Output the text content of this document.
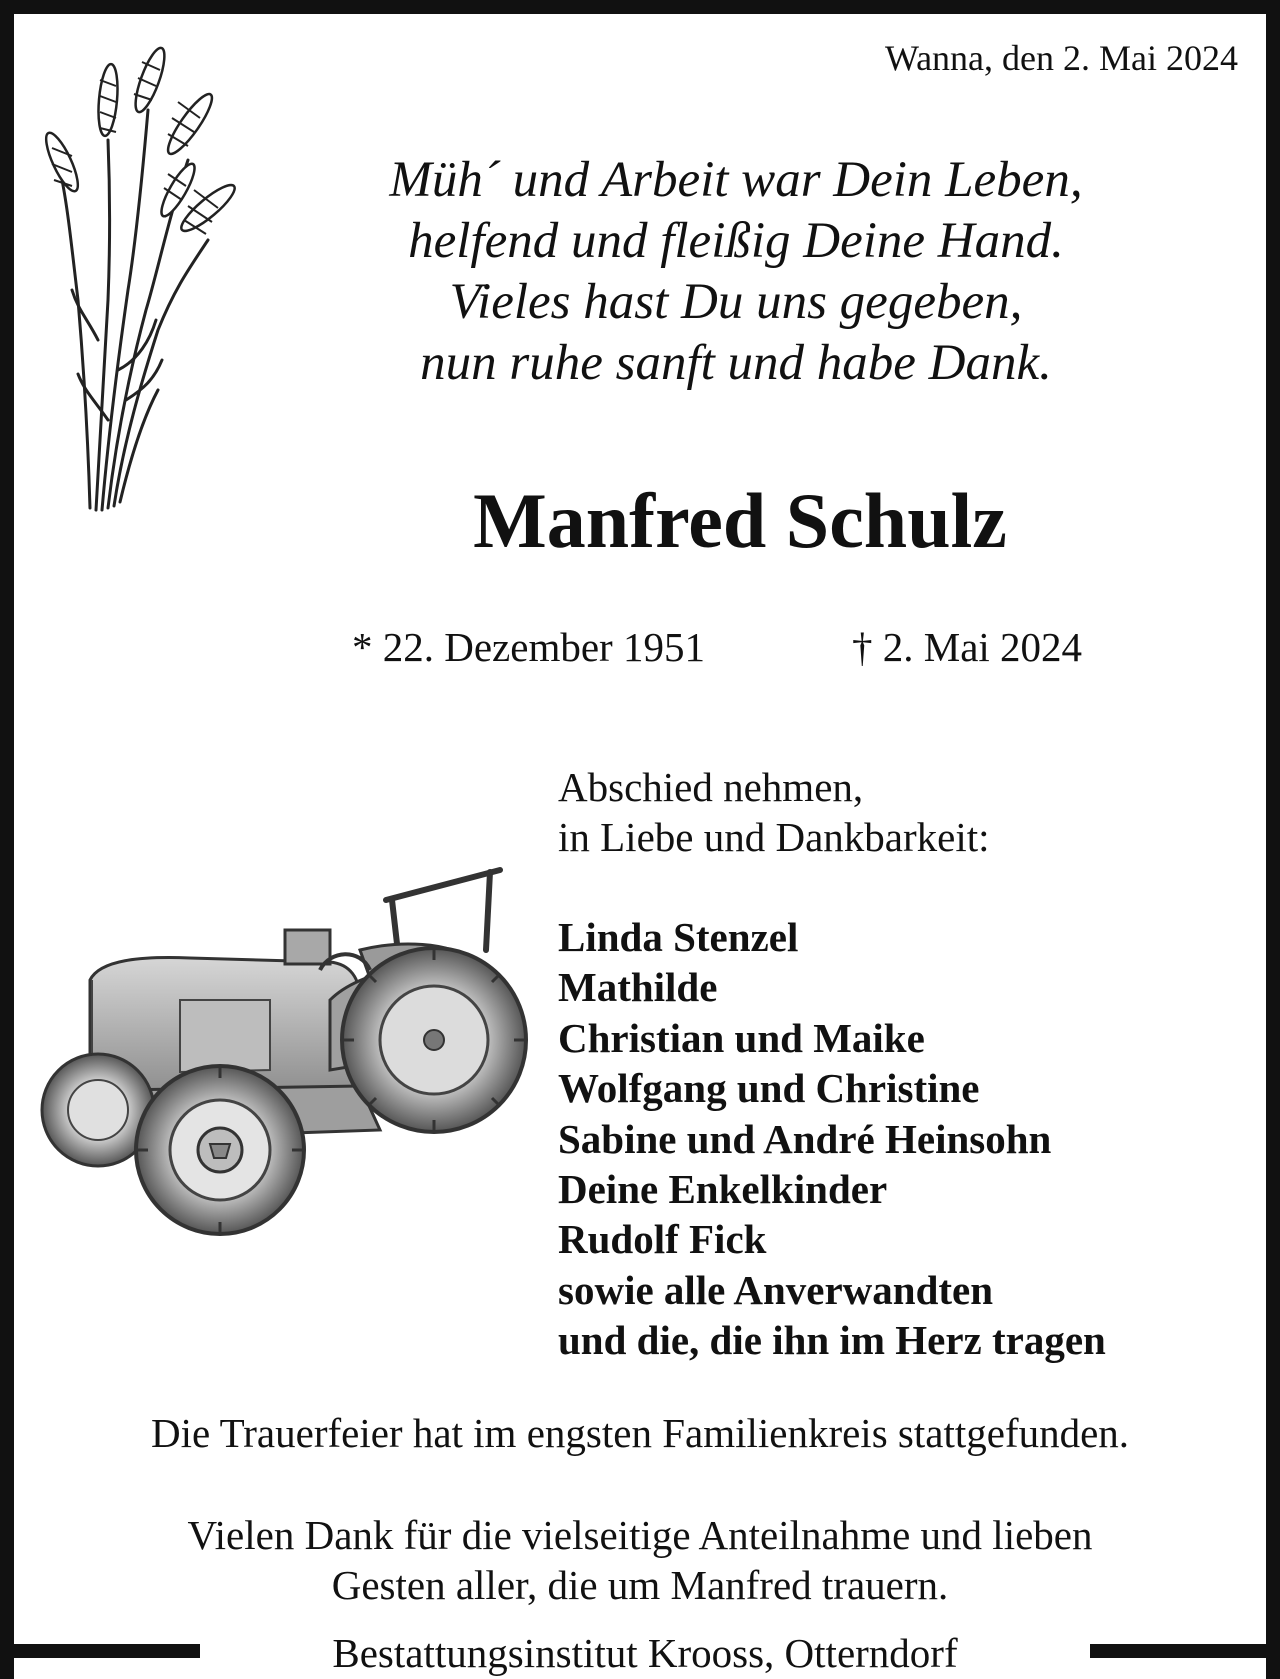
Wanna, den 2. Mai 2024
Müh´ und Arbeit war Dein Leben,
helfend und fleißig Deine Hand.
Vieles hast Du uns gegeben,
nun ruhe sanft und habe Dank.
Manfred Schulz
* 22. Dezember 1951	† 2. Mai 2024
Abschied nehmen,
in Liebe und Dankbarkeit:
Linda Stenzel
Mathilde
Christian und Maike
Wolfgang und Christine
Sabine und André Heinsohn
Deine Enkelkinder
Rudolf Fick
sowie alle Anverwandten
und die, die ihn im Herz tragen
Die Trauerfeier hat im engsten Familienkreis stattgefunden.
Vielen Dank für die vielseitige Anteilnahme und lieben
Gesten aller, die um Manfred trauern.
Bestattungsinstitut Krooss, Otterndorf
